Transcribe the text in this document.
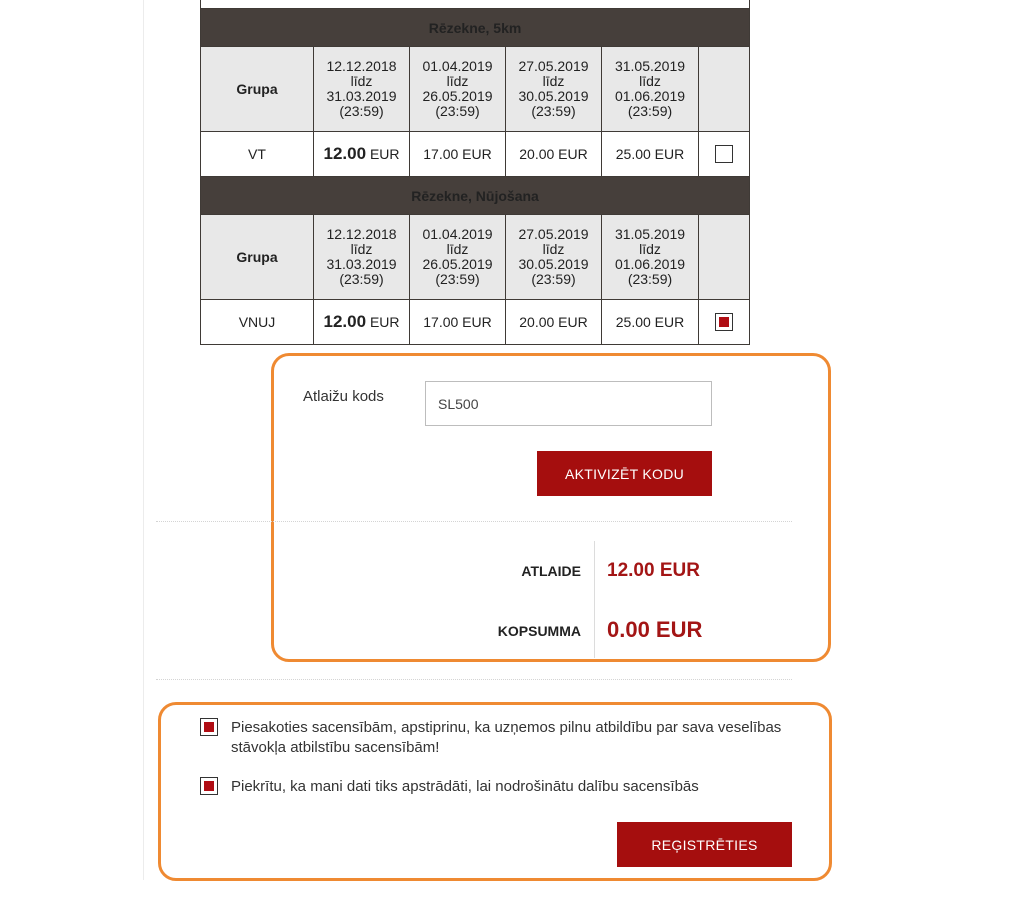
Rēzekne, 5km					
Grupa	12.12.2018
līdz
31.03.2019
(23:59)	01.04.2019
līdz
26.05.2019
(23:59)	27.05.2019
līdz
30.05.2019
(23:59)	31.05.2019
līdz
01.06.2019
(23:59)	
VT	12.00 EUR	17.00 EUR	20.00 EUR	25.00 EUR	
Rēzekne, Nūjošana					
Grupa	12.12.2018
līdz
31.03.2019
(23:59)	01.04.2019
līdz
26.05.2019
(23:59)	27.05.2019
līdz
30.05.2019
(23:59)	31.05.2019
līdz
01.06.2019
(23:59)	
VNUJ	12.00 EUR	17.00 EUR	20.00 EUR	25.00 EUR	
Atlaižu kods
SL500
AKTIVIZĒT KODU
ATLAIDE 12.00 EUR
KOPSUMMA 0.00 EUR
Piesakoties sacensībām, apstiprinu, ka uzņemos pilnu atbildību par sava veselības stāvokļa atbilstību sacensībām!
Piekrītu, ka mani dati tiks apstrādāti, lai nodrošinātu dalību sacensībās
REĢISTRĒTIES
